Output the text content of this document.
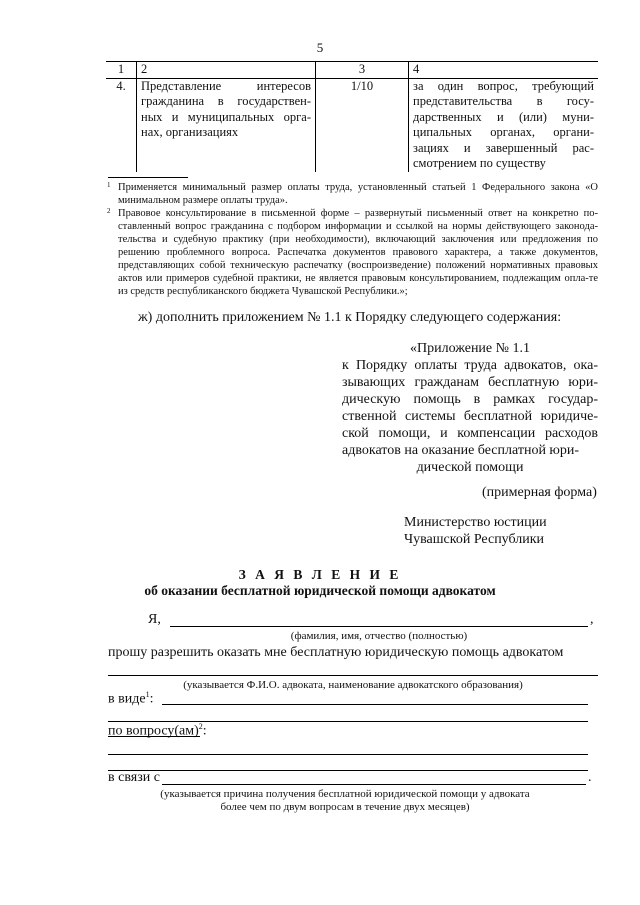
5
1	2	3	4
4.	Представление интересов гражданина в государствен-ных и муниципальных орга-нах, организациях	1/10	за один вопрос, требующий представительства в госу-дарственных и (или) муни-ципальных органах, органи-зациях и завершенный рас-смотрением по существу
1 Применяется минимальный размер оплаты труда, установленный статьей 1 Федерального закона «О минимальном размере оплаты труда».
2 Правовое консультирование в письменной форме – развернутый письменный ответ на конкретно по-ставленный вопрос гражданина с подбором информации и ссылкой на нормы действующего законода-тельства и судебную практику (при необходимости), включающий заключения или предложения по решению проблемного вопроса. Распечатка документов правового характера, а также документов, представляющих собой техническую распечатку (воспроизведение) положений нормативных правовых актов или примеров судебной практики, не является правовым консультированием, подлежащим опла-те из средств республиканского бюджета Чувашской Республики.»;
ж) дополнить приложением № 1.1 к Порядку следующего содержания:
«Приложение № 1.1
к Порядку оплаты труда адвокатов, ока-зывающих гражданам бесплатную юри-дическую помощь в рамках государ-ственной системы бесплатной юридиче-ской помощи, и компенсации расходов адвокатов на оказание бесплатной юри-
дической помощи
(примерная форма)
Министерство юстиции
Чувашской Республики
З А Я В Л Е Н И Е
об оказании бесплатной юридической помощи адвокатом
Я,	,
(фамилия, имя, отчество (полностью)
прошу разрешить оказать мне бесплатную юридическую помощь адвокатом
(указывается Ф.И.О. адвоката, наименование адвокатского образования)
в виде$^1$:
по вопросу(ам)$^2$:
в связи с	.
(указывается причина получения бесплатной юридической помощи у адвоката более чем по двум вопросам в течение двух месяцев)
